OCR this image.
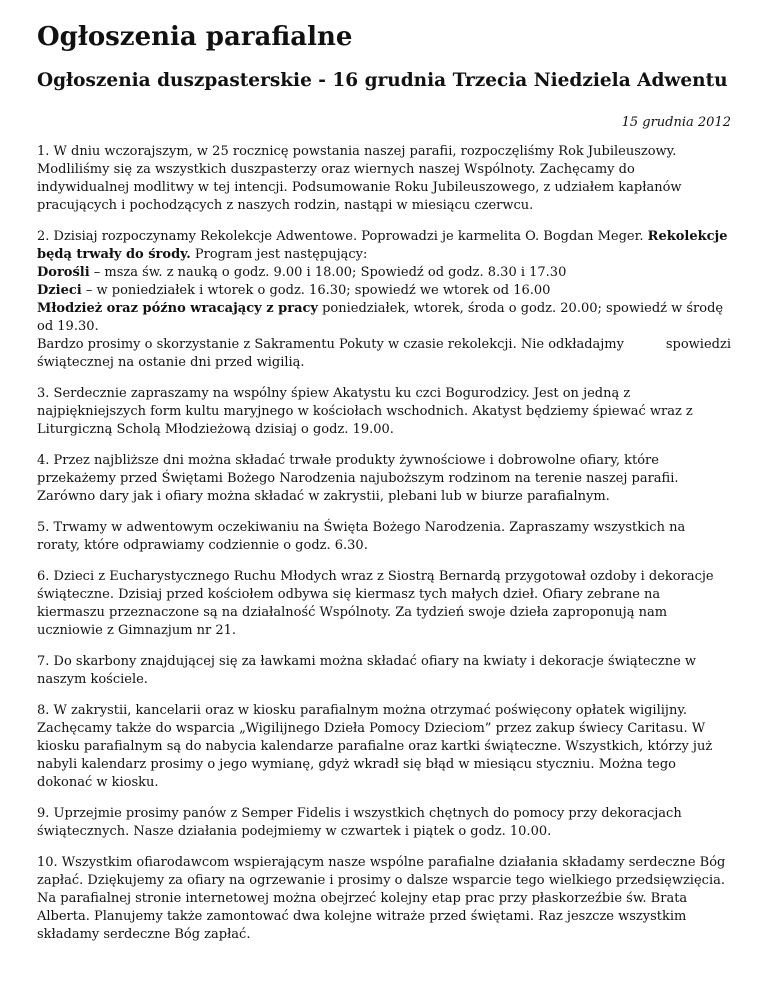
Ogłoszenia parafialne
Ogłoszenia duszpasterskie - 16 grudnia Trzecia Niedziela Adwentu
15 grudnia 2012

1. W dniu wczorajszym, w 25 rocznicę powstania naszej parafii, rozpoczęliśmy Rok Jubileuszowy. Modliliśmy się za wszystkich duszpasterzy oraz wiernych naszej Wspólnoty. Zachęcamy do indywidualnej modlitwy w tej intencji. Podsumowanie Roku Jubileuszowego, z udziałem kapłanów pracujących i pochodzących z naszych rodzin, nastąpi w miesiącu czerwcu.

2. Dzisiaj rozpoczynamy Rekolekcje Adwentowe. Poprowadzi je karmelita O. Bogdan Meger. Rekolekcje będą trwały do środy. Program jest następujący:
Dorośli – msza św. z nauką o godz. 9.00 i 18.00; Spowiedź od godz. 8.30 i 17.30
Dzieci – w poniedziałek i wtorek o godz. 16.30; spowiedź we wtorek od 16.00
Młodzież oraz późno wracający z pracy poniedziałek, wtorek, środa o godz. 20.00; spowiedź w środę od 19.30.
Bardzo prosimy o skorzystanie z Sakramentu Pokuty w czasie rekolekcji. Nie odkładajmy	spowiedzi
świątecznej na ostanie dni przed wigilią.

3. Serdecznie zapraszamy na wspólny śpiew Akatystu ku czci Bogurodzicy. Jest on jedną z najpiękniejszych form kultu maryjnego w kościołach wschodnich. Akatyst będziemy śpiewać wraz z Liturgiczną Scholą Młodzieżową dzisiaj o godz. 19.00.

4. Przez najbliższe dni można składać trwałe produkty żywnościowe i dobrowolne ofiary, które przekażemy przed Świętami Bożego Narodzenia najuboższym rodzinom na terenie naszej parafii. Zarówno dary jak i ofiary można składać w zakrystii, plebani lub w biurze parafialnym.

5. Trwamy w adwentowym oczekiwaniu na Święta Bożego Narodzenia. Zapraszamy wszystkich na roraty, które odprawiamy codziennie o godz. 6.30.

6. Dzieci z Eucharystycznego Ruchu Młodych wraz z Siostrą Bernardą przygotował ozdoby i dekoracje świąteczne. Dzisiaj przed kościołem odbywa się kiermasz tych małych dzieł. Ofiary zebrane na kiermaszu przeznaczone są na działalność Wspólnoty. Za tydzień swoje dzieła zaproponują nam uczniowie z Gimnazjum nr 21.

7. Do skarbony znajdującej się za ławkami można składać ofiary na kwiaty i dekoracje świąteczne w naszym kościele.

8. W zakrystii, kancelarii oraz w kiosku parafialnym można otrzymać poświęcony opłatek wigilijny. Zachęcamy także do wsparcia „Wigilijnego Dzieła Pomocy Dzieciom” przez zakup świecy Caritasu. W kiosku parafialnym są do nabycia kalendarze parafialne oraz kartki świąteczne. Wszystkich, którzy już nabyli kalendarz prosimy o jego wymianę, gdyż wkradł się błąd w miesiącu styczniu. Można tego dokonać w kiosku.

9. Uprzejmie prosimy panów z Semper Fidelis i wszystkich chętnych do pomocy przy dekoracjach świątecznych. Nasze działania podejmiemy w czwartek i piątek o godz. 10.00.

10. Wszystkim ofiarodawcom wspierającym nasze wspólne parafialne działania składamy serdeczne Bóg zapłać. Dziękujemy za ofiary na ogrzewanie i prosimy o dalsze wsparcie tego wielkiego przedsięwzięcia. Na parafialnej stronie internetowej można obejrzeć kolejny etap prac przy płaskorzeźbie św. Brata Alberta. Planujemy także zamontować dwa kolejne witraże przed świętami. Raz jeszcze wszystkim składamy serdeczne Bóg zapłać.
